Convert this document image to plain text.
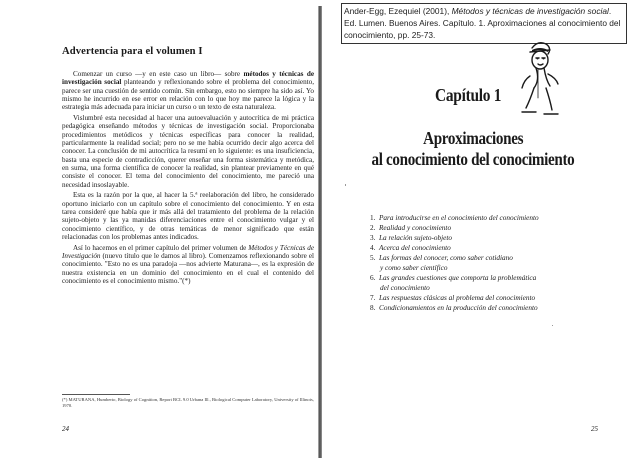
Advertencia para el volumen I

Comenzar un curso —y en este caso un libro— sobre métodos y técnicas de investigación social planteando y reflexionando sobre el problema del conocimiento, parece ser una cuestión de sentido común. Sin embargo, esto no siempre ha sido así. Yo mismo he incurrido en ese error en relación con lo que hoy me parece la lógica y la estrategia más adecuada para iniciar un curso o un texto de esta naturaleza.

Vislumbré esta necesidad al hacer una autoevaluación y autocrítica de mi práctica pedagógica enseñando métodos y técnicas de investigación social. Proporcionaba procedimientos metódicos y técnicas específicas para conocer la realidad, particularmente la realidad social; pero no se me había ocurrido decir algo acerca del conocer. La conclusión de mi autocrítica la resumí en lo siguiente: es una insuficiencia, basta una especie de contradicción, querer enseñar una forma sistemática y metódica, en suma, una forma científica de conocer la realidad, sin plantear previamente en qué consiste el conocer. El tema del conocimiento del conocimiento, me pareció una necesidad insoslayable.

Esta es la razón por la que, al hacer la 5.ª reelaboración del libro, he considerado oportuno iniciarlo con un capítulo sobre el conocimiento del conocimiento. Y en esta tarea consideré que había que ir más allá del tratamiento del problema de la relación sujeto-objeto y las ya manidas diferenciaciones entre el conocimiento vulgar y el conocimiento científico, y de otras temáticas de menor significado que están relacionadas con los problemas antes indicados.

Así lo hacemos en el primer capítulo del primer volumen de Métodos y Técnicas de Investigación (nuevo título que le damos al libro). Comenzamos reflexionando sobre el conocimiento. "Esto no es una paradoja —nos advierte Maturana—, es la expresión de nuestra existencia en un dominio del conocimiento en el cual el contenido del conocimiento es el conocimiento mismo."(*)

(*) MATURANA, Humberto, Biology of Cognition, Report BCL 9.0 Urbana Ill., Biological Computer Laboratory, University of Illinois, 1970.
24
Ander-Egg, Ezequiel (2001), Métodos y técnicas de investigación social. Ed. Lumen. Buenos Aires. Capítulo. 1. Aproximaciones al conocimiento del conocimiento, pp. 25-73.
Capítulo 1
Aproximaciones
al conocimiento del conocimiento
1. Para introducirse en el conocimiento del conocimiento
2. Realidad y conocimiento
3. La relación sujeto-objeto
4. Acerca del conocimiento
5. Las formas del conocer, como saber cotidiano
y como saber científico
6. Las grandes cuestiones que comporta la problemática
del conocimiento
7. Las respuestas clásicas al problema del conocimiento
8. Condicionamientos en la producción del conocimiento
25
